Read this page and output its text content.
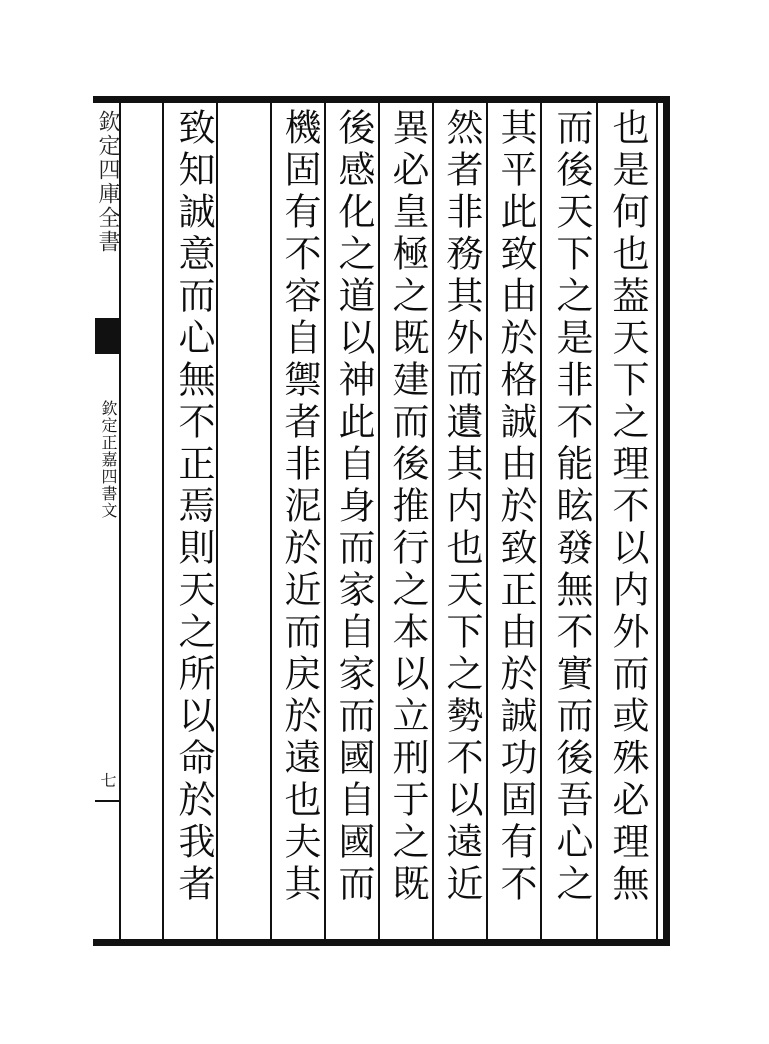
欽定四庫全書
欽定正嘉四書文
七
也是何也葢天下之理不以内外而或殊必理無
而後天下之是非不能眩發無不實而後吾心之
其平此致由於格誠由於致正由於誠功固有不
然者非務其外而遺其内也天下之勢不以遠近
異必皇極之既建而後推行之本以立刑于之既
後感化之道以神此自身而家自家而國自國而
機固有不容自禦者非泥於近而戻於遠也夫其
致知誠意而心無不正焉則天之所以命於我者
